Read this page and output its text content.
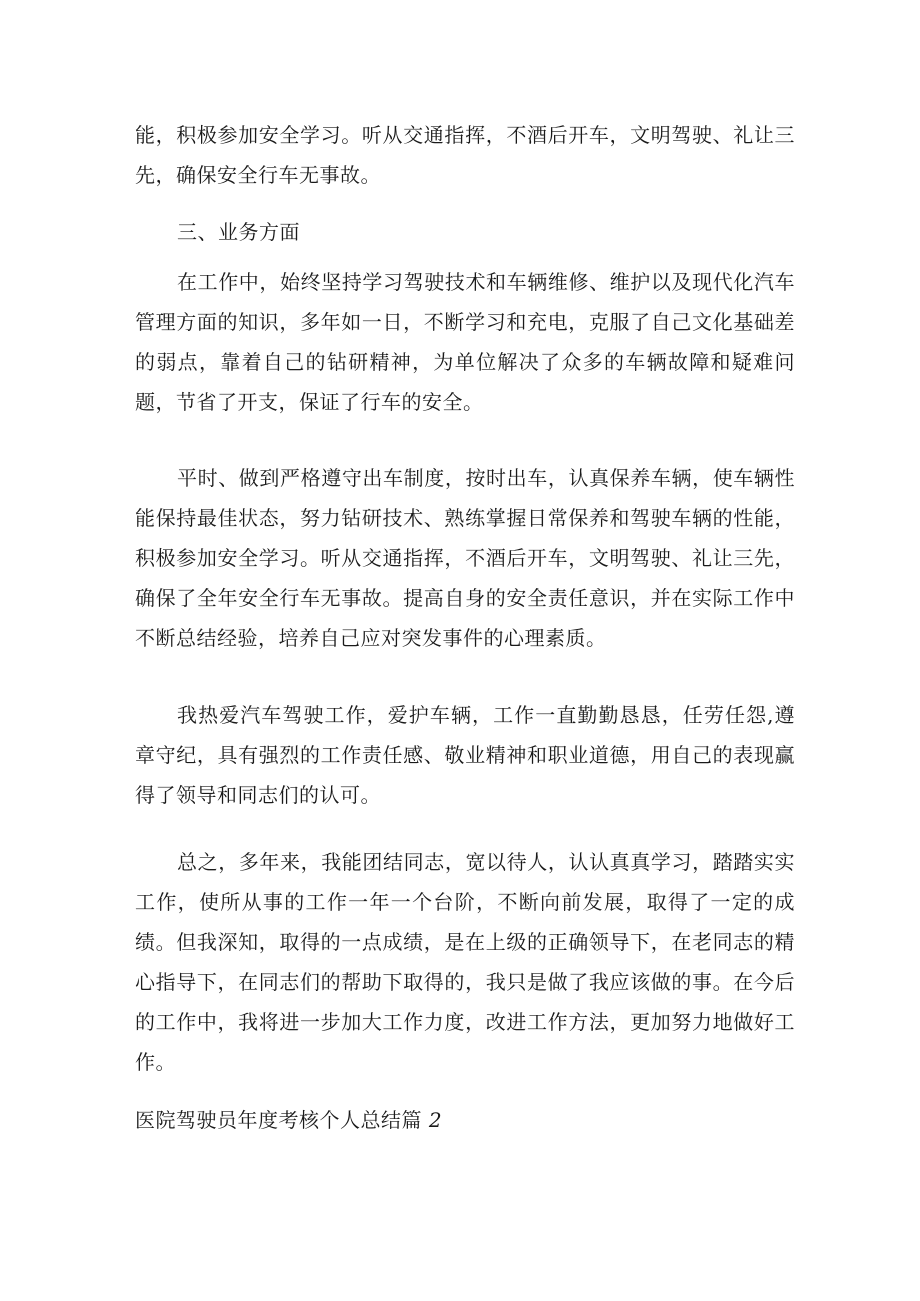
能，积极参加安全学习。听从交通指挥，不酒后开车，文明驾驶、礼让三先，确保安全行车无事故。

三、业务方面

在工作中，始终坚持学习驾驶技术和车辆维修、维护以及现代化汽车管理方面的知识，多年如一日，不断学习和充电，克服了自己文化基础差的弱点，靠着自己的钻研精神，为单位解决了众多的车辆故障和疑难问题，节省了开支，保证了行车的安全。

平时、做到严格遵守出车制度，按时出车，认真保养车辆，使车辆性能保持最佳状态，努力钻研技术、熟练掌握日常保养和驾驶车辆的性能，积极参加安全学习。听从交通指挥，不酒后开车，文明驾驶、礼让三先，确保了全年安全行车无事故。提高自身的安全责任意识，并在实际工作中不断总结经验，培养自己应对突发事件的心理素质。

我热爱汽车驾驶工作，爱护车辆，工作一直勤勤恳恳，任劳任怨,遵章守纪，具有强烈的工作责任感、敬业精神和职业道德，用自己的表现赢得了领导和同志们的认可。

总之，多年来，我能团结同志，宽以待人，认认真真学习，踏踏实实工作，使所从事的工作一年一个台阶，不断向前发展，取得了一定的成绩。但我深知，取得的一点成绩，是在上级的正确领导下，在老同志的精心指导下，在同志们的帮助下取得的，我只是做了我应该做的事。在今后的工作中，我将进一步加大工作力度，改进工作方法，更加努力地做好工作。

医院驾驶员年度考核个人总结篇 2
